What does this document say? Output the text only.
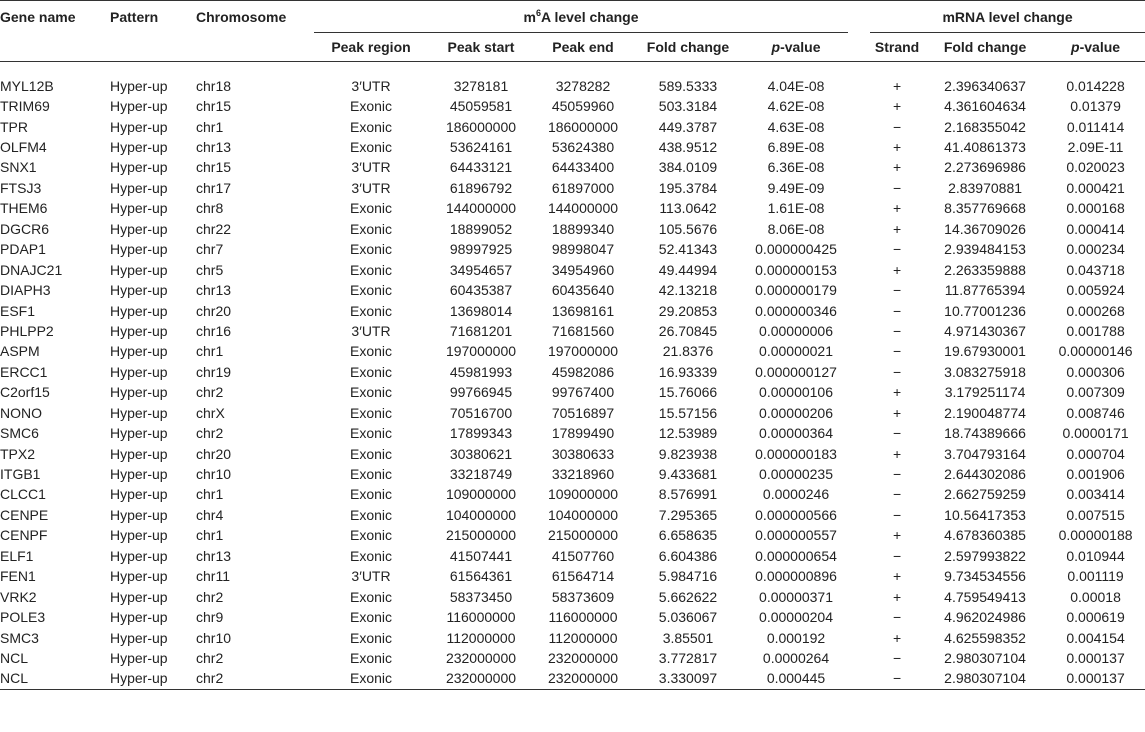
Gene name	Pattern	Chromosome	$m^6A$ level change						mRNA level change		
			Peak region	Peak start	Peak end	Fold change	p-value		Strand	Fold change	p-value

MYL12B	Hyper-up	chr18	3′UTR	3278181	3278282	589.5333	4.04E-08		+	2.396340637	0.014228
TRIM69	Hyper-up	chr15	Exonic	45059581	45059960	503.3184	4.62E-08		+	4.361604634	0.01379
TPR	Hyper-up	chr1	Exonic	186000000	186000000	449.3787	4.63E-08		−	2.168355042	0.011414
OLFM4	Hyper-up	chr13	Exonic	53624161	53624380	438.9512	6.89E-08		+	41.40861373	2.09E-11
SNX1	Hyper-up	chr15	3′UTR	64433121	64433400	384.0109	6.36E-08		+	2.273696986	0.020023
FTSJ3	Hyper-up	chr17	3′UTR	61896792	61897000	195.3784	9.49E-09		−	2.83970881	0.000421
THEM6	Hyper-up	chr8	Exonic	144000000	144000000	113.0642	1.61E-08		+	8.357769668	0.000168
DGCR6	Hyper-up	chr22	Exonic	18899052	18899340	105.5676	8.06E-08		+	14.36709026	0.000414
PDAP1	Hyper-up	chr7	Exonic	98997925	98998047	52.41343	0.000000425		−	2.939484153	0.000234
DNAJC21	Hyper-up	chr5	Exonic	34954657	34954960	49.44994	0.000000153		+	2.263359888	0.043718
DIAPH3	Hyper-up	chr13	Exonic	60435387	60435640	42.13218	0.000000179		−	11.87765394	0.005924
ESF1	Hyper-up	chr20	Exonic	13698014	13698161	29.20853	0.000000346		−	10.77001236	0.000268
PHLPP2	Hyper-up	chr16	3′UTR	71681201	71681560	26.70845	0.00000006		−	4.971430367	0.001788
ASPM	Hyper-up	chr1	Exonic	197000000	197000000	21.8376	0.00000021		−	19.67930001	0.00000146
ERCC1	Hyper-up	chr19	Exonic	45981993	45982086	16.93339	0.000000127		−	3.083275918	0.000306
C2orf15	Hyper-up	chr2	Exonic	99766945	99767400	15.76066	0.00000106		+	3.179251174	0.007309
NONO	Hyper-up	chrX	Exonic	70516700	70516897	15.57156	0.00000206		+	2.190048774	0.008746
SMC6	Hyper-up	chr2	Exonic	17899343	17899490	12.53989	0.00000364		−	18.74389666	0.0000171
TPX2	Hyper-up	chr20	Exonic	30380621	30380633	9.823938	0.000000183		+	3.704793164	0.000704
ITGB1	Hyper-up	chr10	Exonic	33218749	33218960	9.433681	0.00000235		−	2.644302086	0.001906
CLCC1	Hyper-up	chr1	Exonic	109000000	109000000	8.576991	0.0000246		−	2.662759259	0.003414
CENPE	Hyper-up	chr4	Exonic	104000000	104000000	7.295365	0.000000566		−	10.56417353	0.007515
CENPF	Hyper-up	chr1	Exonic	215000000	215000000	6.658635	0.000000557		+	4.678360385	0.00000188
ELF1	Hyper-up	chr13	Exonic	41507441	41507760	6.604386	0.000000654		−	2.597993822	0.010944
FEN1	Hyper-up	chr11	3′UTR	61564361	61564714	5.984716	0.000000896		+	9.734534556	0.001119
VRK2	Hyper-up	chr2	Exonic	58373450	58373609	5.662622	0.00000371		+	4.759549413	0.00018
POLE3	Hyper-up	chr9	Exonic	116000000	116000000	5.036067	0.00000204		−	4.962024986	0.000619
SMC3	Hyper-up	chr10	Exonic	112000000	112000000	3.85501	0.000192		+	4.625598352	0.004154
NCL	Hyper-up	chr2	Exonic	232000000	232000000	3.772817	0.0000264		−	2.980307104	0.000137
NCL	Hyper-up	chr2	Exonic	232000000	232000000	3.330097	0.000445		−	2.980307104	0.000137
